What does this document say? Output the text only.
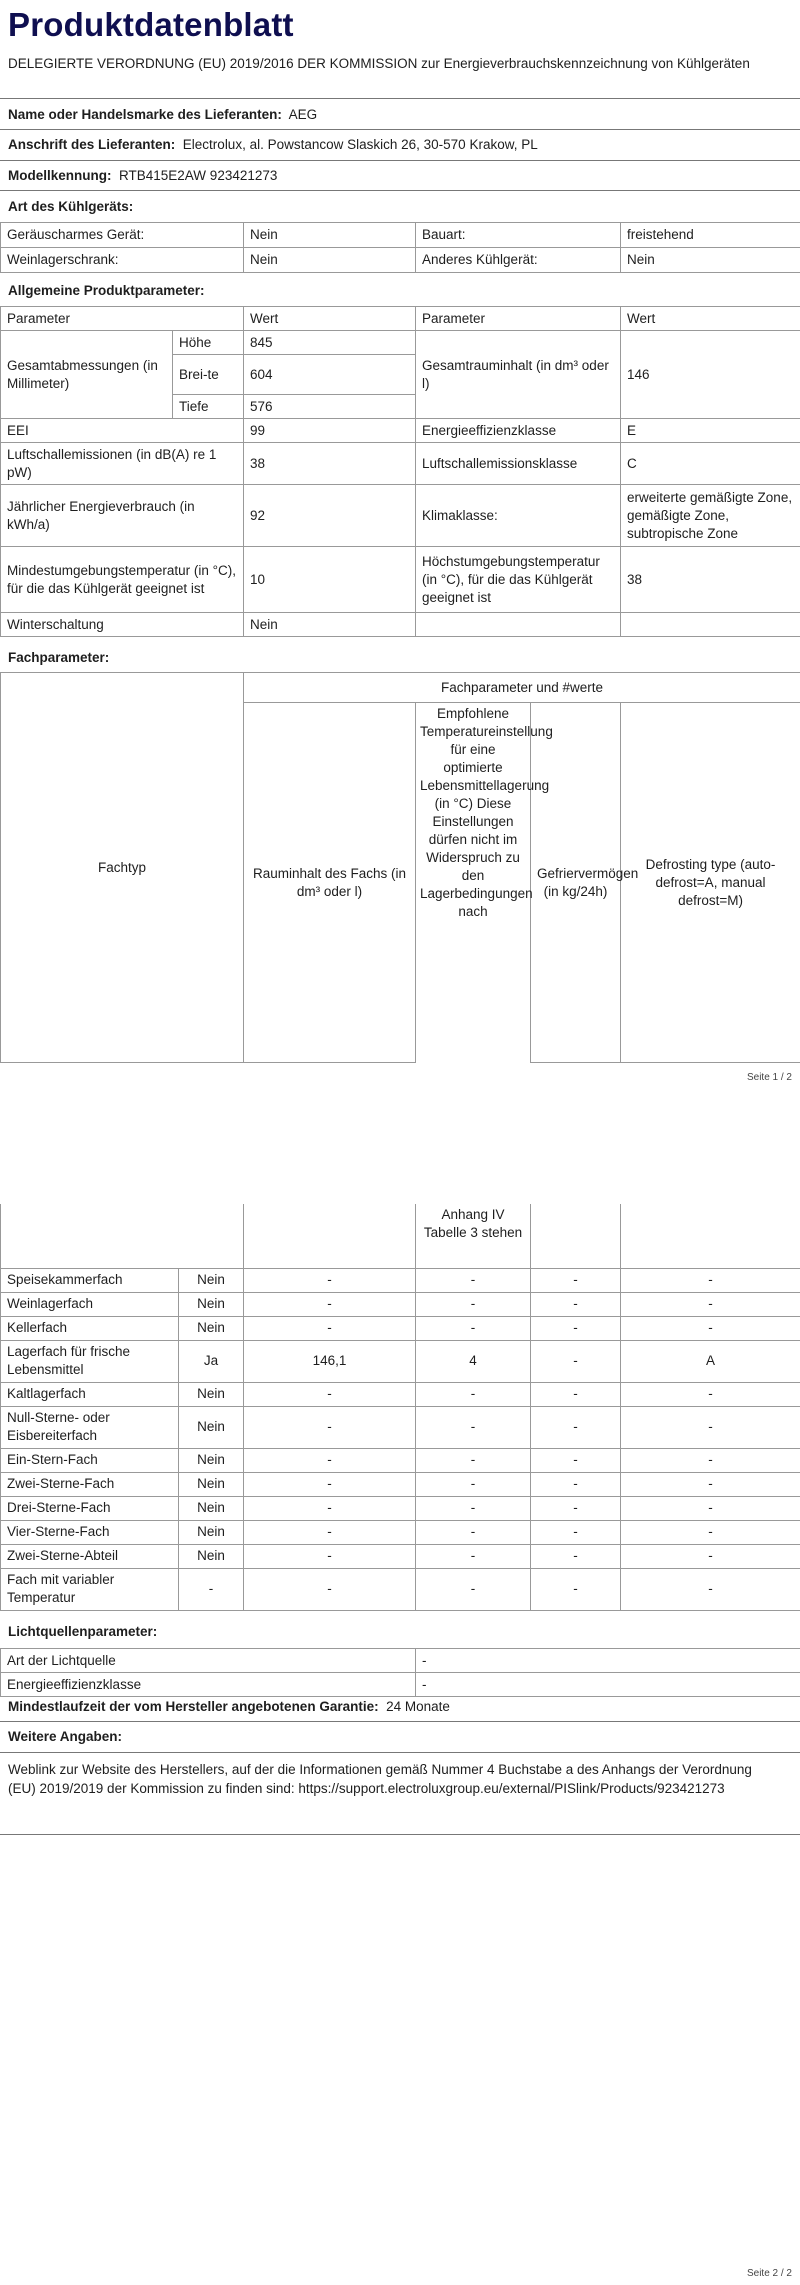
Produktdatenblatt
DELEGIERTE VERORDNUNG (EU) 2019/2016 DER KOMMISSION zur Energieverbrauchskennzeichnung von Kühlgeräten
Name oder Handelsmarke des Lieferanten: AEG
Anschrift des Lieferanten: Electrolux, al. Powstancow Slaskich 26, 30-570 Krakow, PL
Modellkennung: RTB415E2AW 923421273
Art des Kühlgeräts:
Geräuscharmes Gerät:	Nein	Bauart:	freistehend
Weinlagerschrank:	Nein	Anderes Kühlgerät:	Nein
Allgemeine Produktparameter:
Parameter		Wert	Parameter	Wert
Gesamtabmessungen (in Millimeter)	Höhe	845	Gesamtrauminhalt (in dm³ oder l)	146
	Brei-te	604		
	Tiefe	576		
EEI		99	Energieeffizienzklasse	E
Luftschallemissionen (in dB(A) re 1 pW)		38	Luftschallemissionsklasse	C
Jährlicher Energieverbrauch (in kWh/a)		92	Klimaklasse:	erweiterte gemäßigte Zone, gemäßigte Zone, subtropische Zone
Mindestumgebungstemperatur (in °C), für die das Kühlgerät geeignet ist		10	Höchstumgebungstemperatur (in °C), für die das Kühlgerät geeignet ist	38
Winterschaltung		Nein		
Fachparameter:
Fachtyp	Fachparameter und #werte			
	Rauminhalt des Fachs (in dm³ oder l)	Empfohlene Temperatureinstellung für eine optimierte Lebensmittellagerung (in °C) Diese Einstellungen dürfen nicht im Widerspruch zu den Lagerbedingungen nach	Gefriervermögen (in kg/24h)	Defrosting type (auto-defrost=A, manual defrost=M)
Seite 1 / 2
			Anhang IV Tabelle 3 stehen		
Speisekammerfach	Nein	-	-	-	-
Weinlagerfach	Nein	-	-	-	-
Kellerfach	Nein	-	-	-	-
Lagerfach für frische Lebensmittel	Ja	146,1	4	-	A
Kaltlagerfach	Nein	-	-	-	-
Null-Sterne- oder Eisbereiterfach	Nein	-	-	-	-
Ein-Stern-Fach	Nein	-	-	-	-
Zwei-Sterne-Fach	Nein	-	-	-	-
Drei-Sterne-Fach	Nein	-	-	-	-
Vier-Sterne-Fach	Nein	-	-	-	-
Zwei-Sterne-Abteil	Nein	-	-	-	-
Fach mit variabler Temperatur	-	-	-	-	-
Lichtquellenparameter:
Art der Lichtquelle	-
Energieeffizienzklasse	-
Mindestlaufzeit der vom Hersteller angebotenen Garantie: 24 Monate
Weitere Angaben:
Weblink zur Website des Herstellers, auf der die Informationen gemäß Nummer 4 Buchstabe a des Anhangs der Verordnung (EU) 2019/2019 der Kommission zu finden sind: https://support.electroluxgroup.eu/external/PISlink/Products/923421273
Seite 2 / 2
